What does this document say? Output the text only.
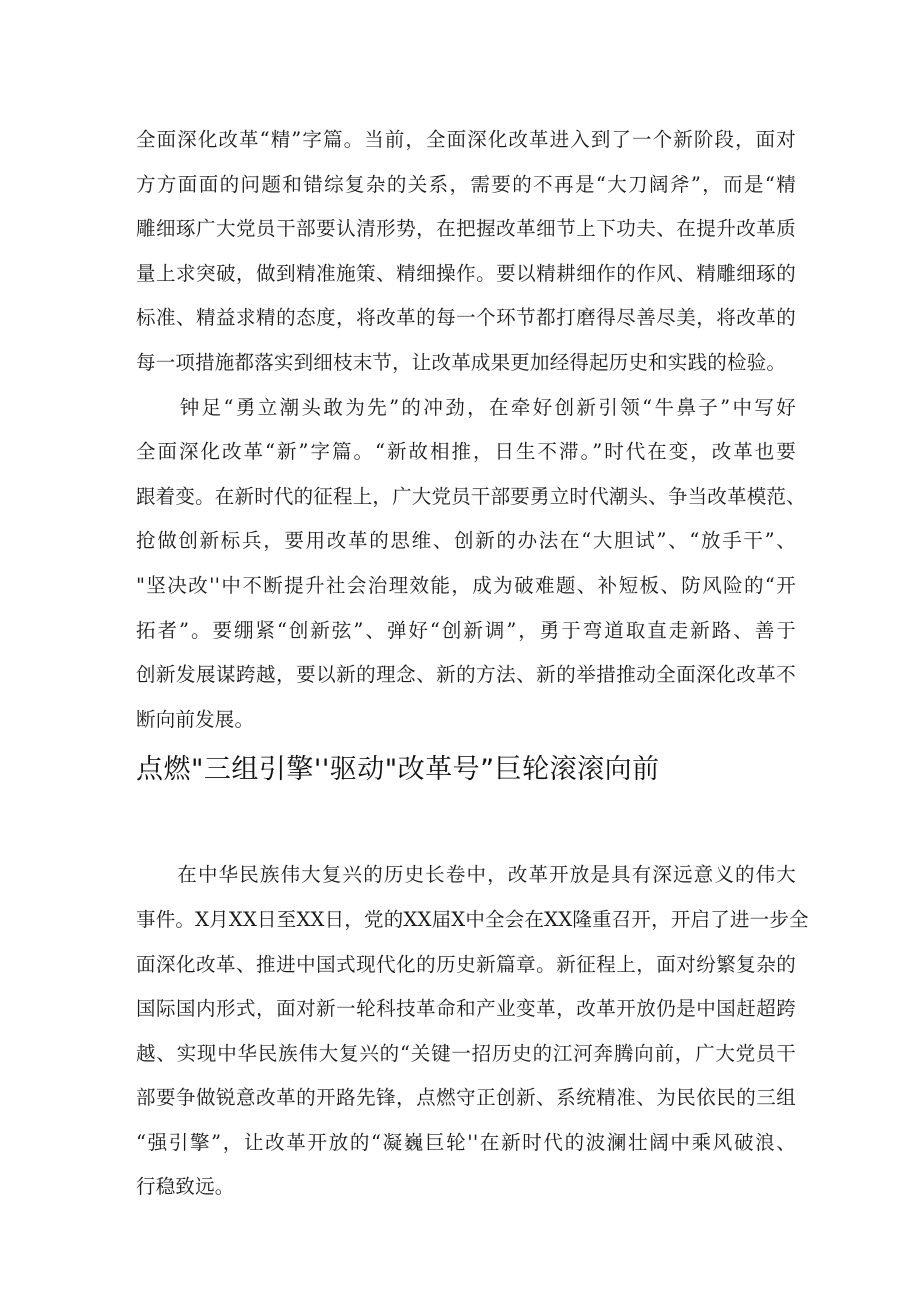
全面深化改革“精”字篇。当前，全面深化改革进入到了一个新阶段，面对
方方面面的问题和错综复杂的关系，需要的不再是“大刀阔斧”，而是“精
雕细琢广大党员干部要认清形势，在把握改革细节上下功夫、在提升改革质
量上求突破，做到精准施策、精细操作。要以精耕细作的作风、精雕细琢的
标准、精益求精的态度，将改革的每一个环节都打磨得尽善尽美，将改革的
每一项措施都落实到细枝末节，让改革成果更加经得起历史和实践的检验。
　　钟足“勇立潮头敢为先”的冲劲，在牵好创新引领“牛鼻子”中写好
全面深化改革“新”字篇。“新故相推，日生不滞。”时代在变，改革也要
跟着变。在新时代的征程上，广大党员干部要勇立时代潮头、争当改革模范、
抢做创新标兵，要用改革的思维、创新的办法在“大胆试”、“放手干”、
"坚决改''中不断提升社会治理效能，成为破难题、补短板、防风险的“开
拓者”。要绷紧“创新弦”、弹好“创新调”，勇于弯道取直走新路、善于
创新发展谋跨越，要以新的理念、新的方法、新的举措推动全面深化改革不
断向前发展。
点燃"三组引擎''驱动"改革号”巨轮滚滚向前
　　在中华民族伟大复兴的历史长卷中，改革开放是具有深远意义的伟大
事件。X月XX日至XX日，党的XX届X中全会在XX隆重召开，开启了进一步全
面深化改革、推进中国式现代化的历史新篇章。新征程上，面对纷繁复杂的
国际国内形式，面对新一轮科技革命和产业变革，改革开放仍是中国赶超跨
越、实现中华民族伟大复兴的“关键一招历史的江河奔腾向前，广大党员干
部要争做锐意改革的开路先锋，点燃守正创新、系统精准、为民依民的三组
“强引擎”，让改革开放的“凝巍巨轮''在新时代的波澜壮阔中乘风破浪、
行稳致远。
